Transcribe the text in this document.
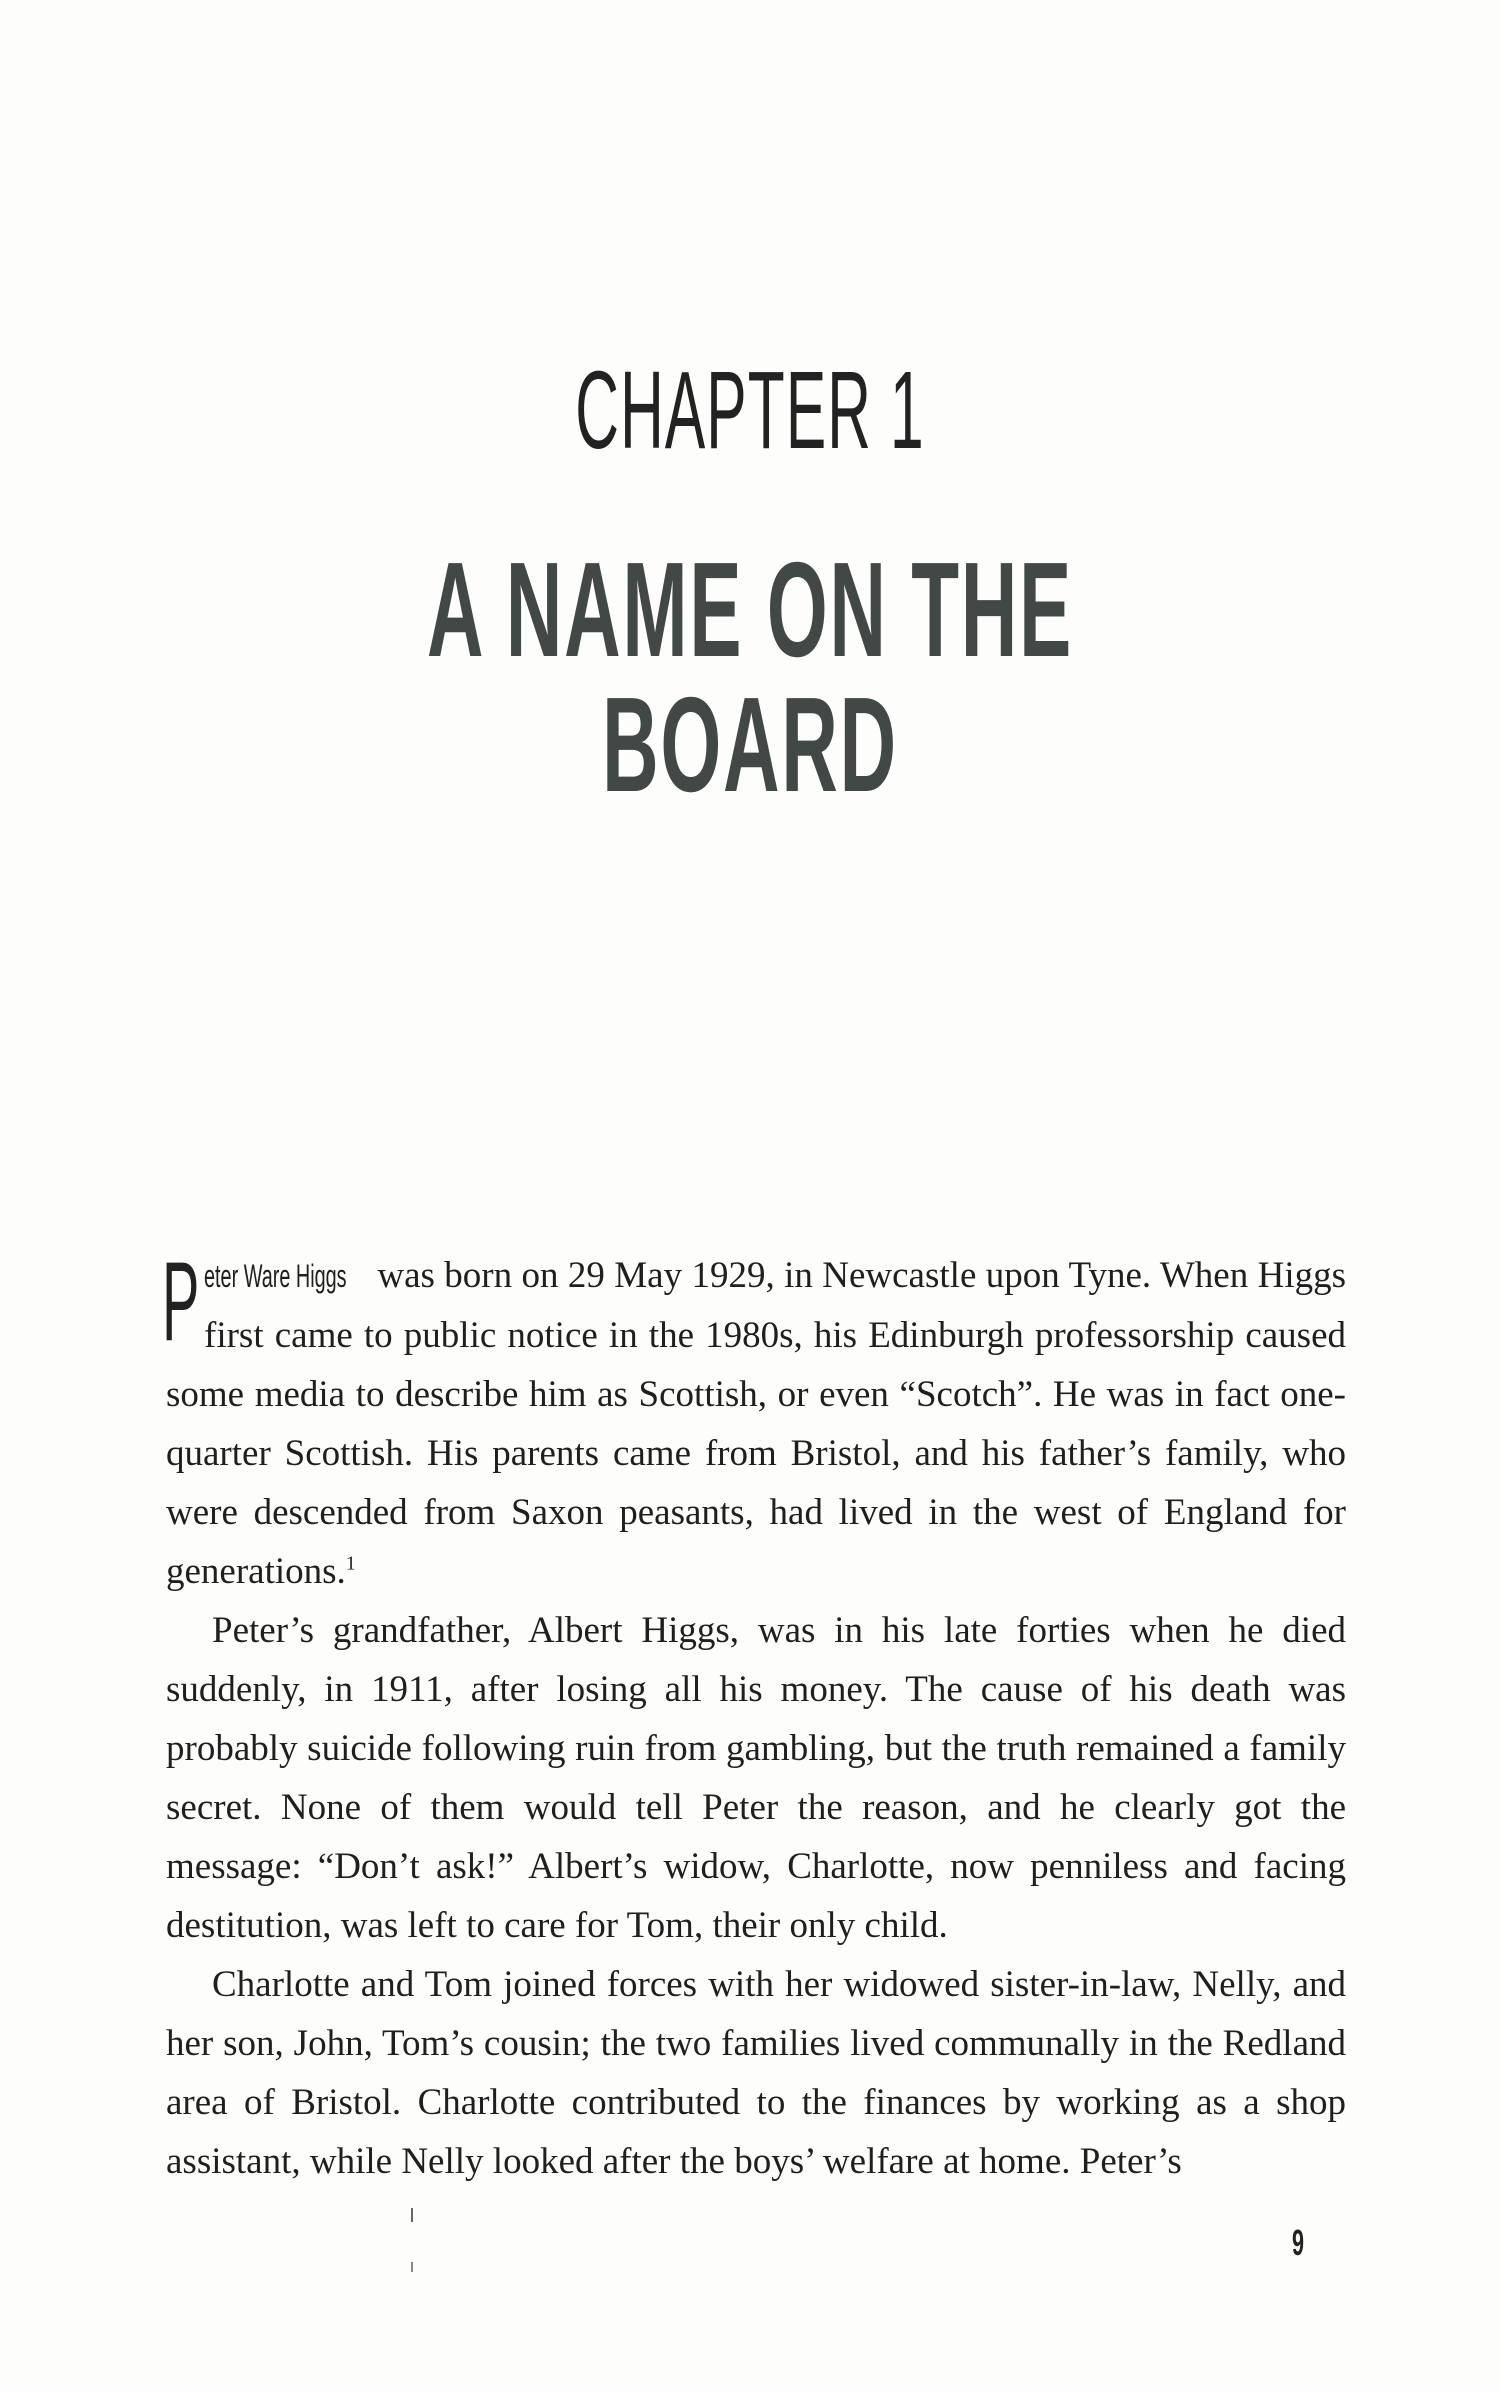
CHAPTER 1
A NAME ON THE BOARD

P eter Ware Higgs was born on 29 May 1929, in Newcastle upon Tyne. When Higgs first came to public notice in the 1980s, his Edinburgh professorship caused some media to describe him as Scottish, or even “Scotch”. He was in fact one-quarter Scottish. His parents came from Bristol, and his father’s family, who were descended from Saxon peasants, had lived in the west of England for generations.$^1$

Peter’s grandfather, Albert Higgs, was in his late forties when he died suddenly, in 1911, after losing all his money. The cause of his death was probably suicide following ruin from gambling, but the truth remained a family secret. None of them would tell Peter the reason, and he clearly got the message: “Don’t ask!” Albert’s widow, Charlotte, now penniless and facing destitution, was left to care for Tom, their only child.

Charlotte and Tom joined forces with her widowed sister-in-law, Nelly, and her son, John, Tom’s cousin; the two families lived communally in the Redland area of Bristol. Charlotte contributed to the finances by working as a shop assistant, while Nelly looked after the boys’ welfare at home. Peter’s

9
